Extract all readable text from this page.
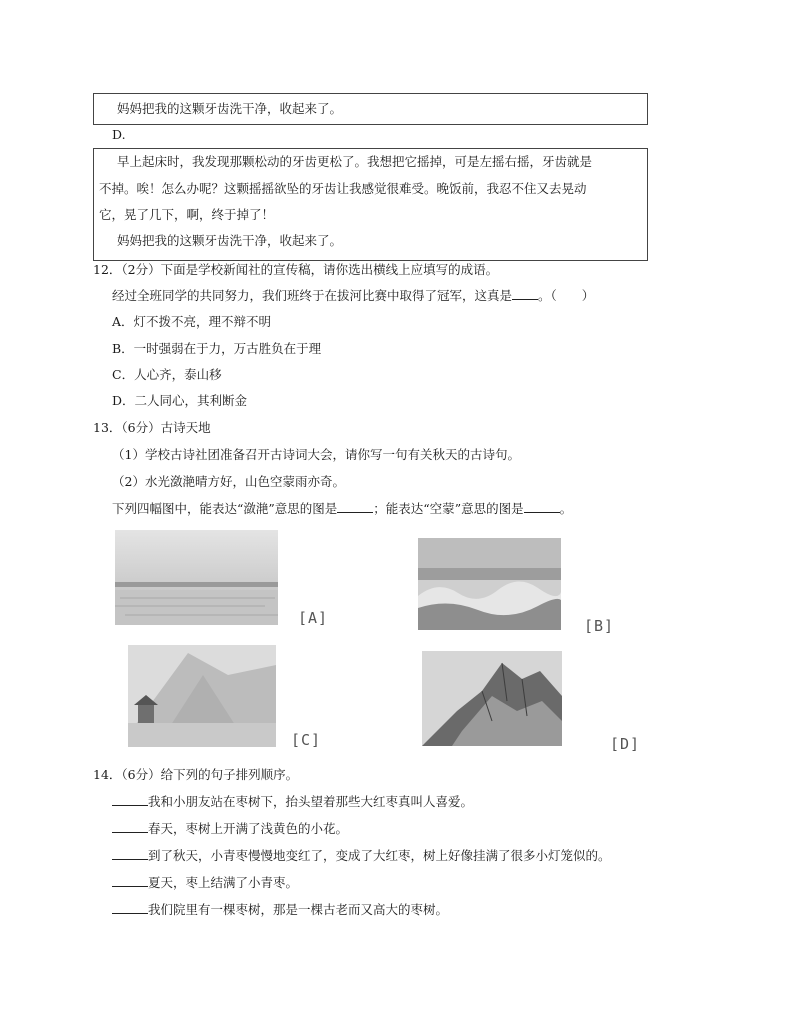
妈妈把我的这颗牙齿洗干净，收起来了。
D.
早上起床时，我发现那颗松动的牙齿更松了。我想把它摇掉，可是左摇右摇，牙齿就是
不掉。唉！怎么办呢？这颗摇摇欲坠的牙齿让我感觉很难受。晚饭前，我忍不住又去晃动
它，晃了几下，啊，终于掉了！
妈妈把我的这颗牙齿洗干净，收起来了。
12．（2分）下面是学校新闻社的宣传稿，请你选出横线上应填写的成语。
经过全班同学的共同努力，我们班终于在拔河比赛中取得了冠军，这真是 。（　　）
A．灯不拨不亮，理不辩不明
B．一时强弱在于力，万古胜负在于理
C．人心齐，泰山移
D．二人同心，其利断金
13．（6分）古诗天地
（1）学校古诗社团准备召开古诗词大会，请你写一句有关秋天的古诗句。
（2）水光潋滟晴方好，山色空蒙雨亦奇。
下列四幅图中，能表达“潋滟”意思的图是	；能表达“空蒙”意思的图是	。
[A]	[B]
[C]	[D]
14．（6分）给下列的句子排列顺序。
我和小朋友站在枣树下，抬头望着那些大红枣真叫人喜爱。
春天，枣树上开满了浅黄色的小花。
到了秋天，小青枣慢慢地变红了，变成了大红枣，树上好像挂满了很多小灯笼似的。
夏天，枣上结满了小青枣。
我们院里有一棵枣树，那是一棵古老而又高大的枣树。
